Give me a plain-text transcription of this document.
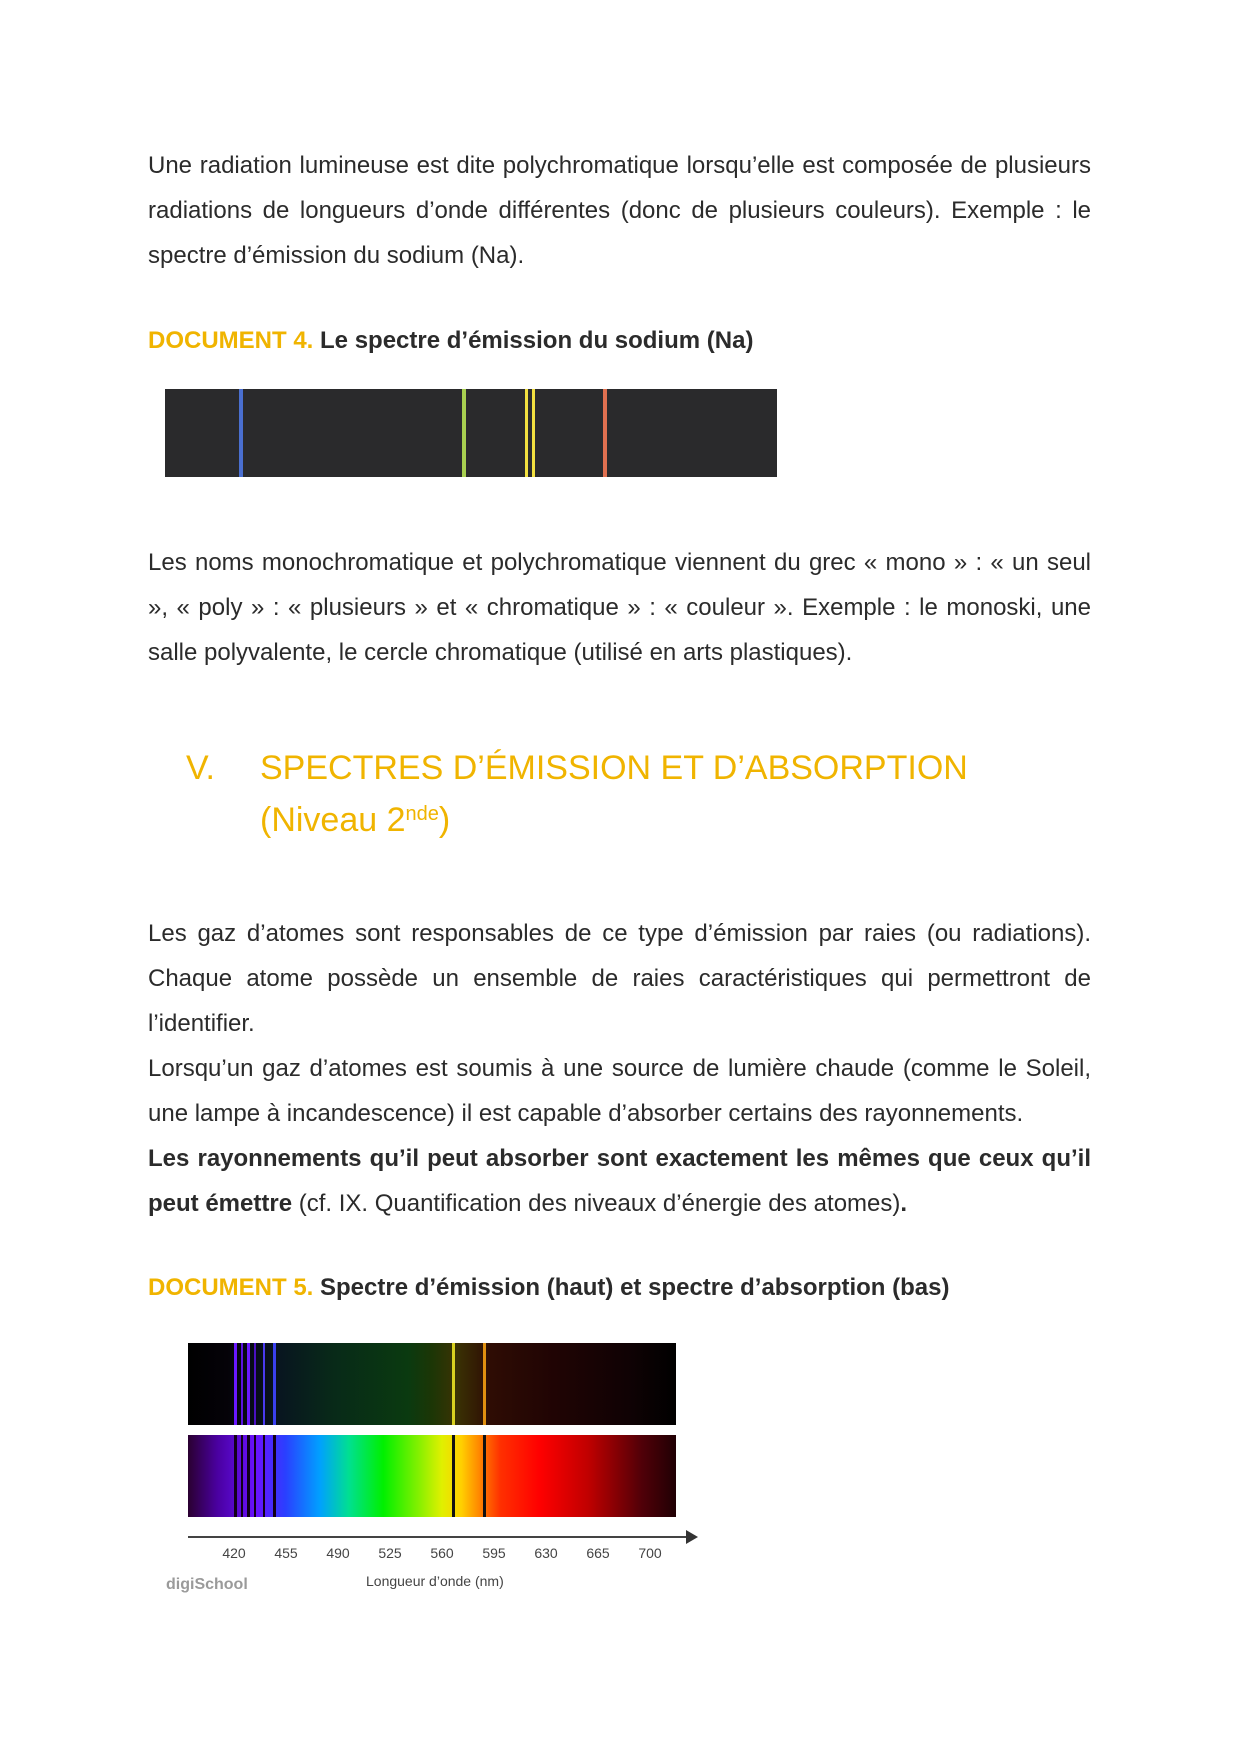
Une radiation lumineuse est dite polychromatique lorsqu’elle est composée de plusieurs radiations de longueurs d’onde différentes (donc de plusieurs couleurs). Exemple : le spectre d’émission du sodium (Na).

DOCUMENT 4. Le spectre d’émission du sodium (Na)

Les noms monochromatique et polychromatique viennent du grec « mono » : « un seul », « poly » : « plusieurs » et « chromatique » : « couleur ». Exemple : le monoski, une salle polyvalente, le cercle chromatique (utilisé en arts plastiques).

V. SPECTRES D’ÉMISSION ET D’ABSORPTION (Niveau 2nde)

Les gaz d’atomes sont responsables de ce type d’émission par raies (ou radiations). Chaque atome possède un ensemble de raies caractéristiques qui permettront de l’identifier.

Lorsqu’un gaz d’atomes est soumis à une source de lumière chaude (comme le Soleil, une lampe à incandescence) il est capable d’absorber certains des rayonnements.

Les rayonnements qu’il peut absorber sont exactement les mêmes que ceux qu’il peut émettre (cf. IX. Quantification des niveaux d’énergie des atomes).

DOCUMENT 5. Spectre d’émission (haut) et spectre d’absorption (bas)

420	455	490	525	560	595	630	665	700
Longueur d’onde (nm)
digiSchool
